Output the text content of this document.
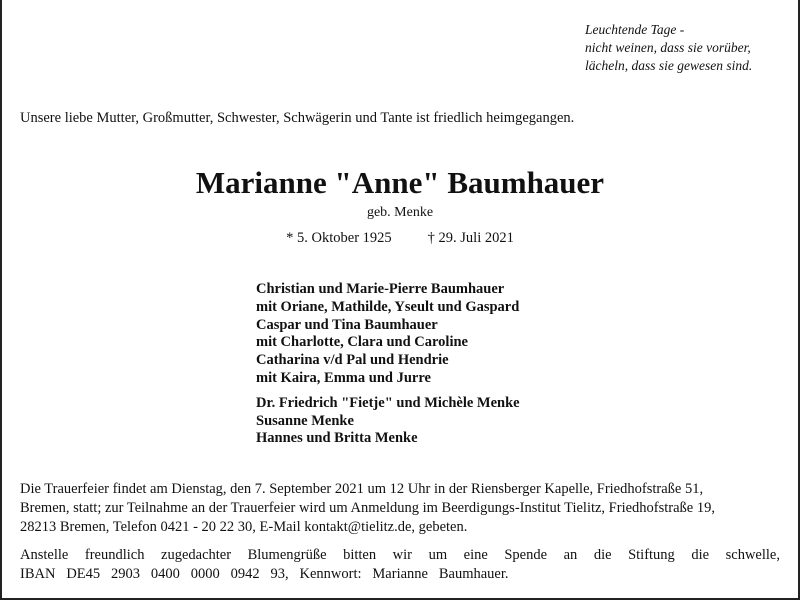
Leuchtende Tage -
nicht weinen, dass sie vorüber,
lächeln, dass sie gewesen sind.
Unsere liebe Mutter, Großmutter, Schwester, Schwägerin und Tante ist friedlich heimgegangen.
Marianne "Anne" Baumhauer
geb. Menke
* 5. Oktober 1925 † 29. Juli 2021
Christian und Marie-Pierre Baumhauer
mit Oriane, Mathilde, Yseult und Gaspard
Caspar und Tina Baumhauer
mit Charlotte, Clara und Caroline
Catharina v/d Pal und Hendrie
mit Kaira, Emma und Jurre
Dr. Friedrich "Fietje" und Michèle Menke
Susanne Menke
Hannes und Britta Menke
Die Trauerfeier findet am Dienstag, den 7. September 2021 um 12 Uhr in der Riensberger Kapelle, Friedhofstraße 51,
Bremen, statt; zur Teilnahme an der Trauerfeier wird um Anmeldung im Beerdigungs-Institut Tielitz, Friedhofstraße 19,
28213 Bremen, Telefon 0421 - 20 22 30, E-Mail kontakt@tielitz.de, gebeten.
Anstelle freundlich zugedachter Blumengrüße bitten wir um eine Spende an die Stiftung die schwelle,
IBAN   DE45   2903   0400   0000   0942   93,   Kennwort:   Marianne   Baumhauer.
